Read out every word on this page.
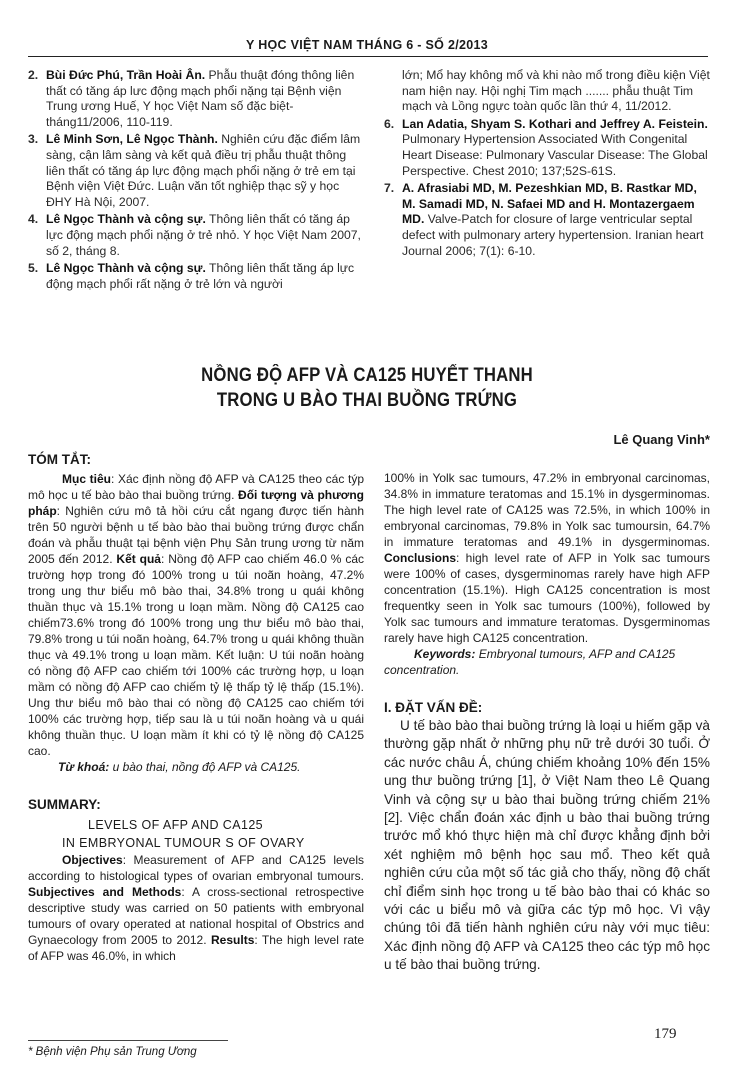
Y HỌC VIỆT NAM THÁNG 6 - SỐ 2/2013
2. Bùi Đức Phú, Trần Hoài Ân. Phẫu thuật đóng thông liên thất có tăng áp lưc động mạch phổi nặng tại Bệnh viện Trung ương Huế, Y học Việt Nam số đặc biệt-tháng11/2006, 110-119.
3. Lê Minh Sơn, Lê Ngọc Thành. Nghiên cứu đặc điểm lâm sàng, cận lâm sàng và kết quả điều trị phẫu thuật thông liên thất có tăng áp lực động mạch phổi nặng ở trẻ em tại Bệnh viện Việt Đức. Luận văn tốt nghiệp thạc sỹ y học ĐHY Hà Nội, 2007.
4. Lê Ngọc Thành và cộng sự. Thông liên thất có tăng áp lực động mạch phổi nặng ở trẻ nhỏ. Y học Việt Nam 2007, số 2, tháng 8.
5. Lê Ngọc Thành và cộng sự. Thông liên thất tăng áp lực động mạch phổi rất nặng ở trẻ lớn và người
lớn; Mổ hay không mổ và khi nào mổ trong điều kiện Việt nam hiện nay. Hội nghị Tim mạch ....... phẫu thuật Tim mạch và Lồng ngực toàn quốc lần thứ 4, 11/2012.
6. Lan Adatia, Shyam S. Kothari and Jeffrey A. Feistein. Pulmonary Hypertension Associated With Congenital Heart Disease: Pulmonary Vascular Disease: The Global Perspective. Chest 2010; 137;52S-61S.
7. A. Afrasiabi MD, M. Pezeshkian MD, B. Rastkar MD, M. Samadi MD, N. Safaei MD and H. Montazergaem MD. Valve-Patch for closure of large ventricular septal defect with pulmonary artery hypertension. Iranian heart Journal 2006; 7(1): 6-10.
NỒNG ĐỘ AFP VÀ CA125 HUYẾT THANH
TRONG U BÀO THAI BUỒNG TRỨNG
Lê Quang Vinh*

TÓM TẮT:

Mục tiêu: Xác định nồng độ AFP và CA125 theo các týp mô học u tế bào bào thai buồng trứng. Đối tượng và phương pháp: Nghiên cứu mô tả hồi cứu cắt ngang được tiến hành trên 50 người bệnh u tế bào bào thai buồng trứng được chẩn đoán và phẫu thuật tại bệnh viện Phụ Sản trung ương từ năm 2005 đến 2012. Kết quả: Nồng độ AFP cao chiếm 46.0 % các trường hợp trong đó 100% trong u túi noãn hoàng, 47.2% trong ung thư biểu mô bào thai, 34.8% trong u quái không thuần thục và 15.1% trong u loạn mầm. Nồng độ CA125 cao chiếm73.6% trong đó 100% trong ung thư biểu mô bào thai, 79.8% trong u túi noãn hoàng, 64.7% trong u quái không thuần thục và 49.1% trong u loạn mầm. Kết luận: U túi noãn hoàng có nồng độ AFP cao chiếm tới 100% các trường hợp, u loạn mầm có nồng độ AFP cao chiếm tỷ lệ thấp tỷ lệ thấp (15.1%). Ung thư biểu mô bào thai có nồng độ CA125 cao chiếm tới 100% các trường hợp, tiếp sau là u túi noãn hoàng và u quái không thuần thục. U loạn mầm ít khi có tỷ lệ nồng độ CA125 cao.

Từ khoá: u bào thai, nồng độ AFP và CA125.

SUMMARY:

LEVELS OF AFP AND CA125

IN EMBRYONAL TUMOUR S OF OVARY

Objectives: Measurement of AFP and CA125 levels according to histological types of ovarian embryonal tumours. Subjectives and Methods: A cross-sectional retrospective descriptive study was carried on 50 patients with embryonal tumours of ovary operated at national hospital of Obstrics and Gynaecology from 2005 to 2012. Results: The high level rate of AFP was 46.0%, in which

100% in Yolk sac tumours, 47.2% in embryonal carcinomas, 34.8% in immature teratomas and 15.1% in dysgerminomas. The high level rate of CA125 was 72.5%, in which 100% in embryonal carcinomas, 79.8% in Yolk sac tumoursin, 64.7% in immature teratomas and 49.1% in dysgerminomas. Conclusions: high level rate of AFP in Yolk sac tumours were 100% of cases, dysgerminomas rarely have high AFP concentration (15.1%). High CA125 concentration is most frequentky seen in Yolk sac tumours (100%), followed by Yolk sac tumours and immature teratomas. Dysgerminomas rarely have high CA125 concentration.

Keywords: Embryonal tumours, AFP and CA125 concentration.

I. ĐẶT VẤN ĐỀ:

U tế bào bào thai buồng trứng là loại u hiếm gặp và thường gặp nhất ở những phụ nữ trẻ dưới 30 tuổi. Ở các nước châu Á, chúng chiếm khoảng 10% đến 15% ung thư buồng trứng [1], ở Việt Nam theo Lê Quang Vinh và cộng sự u bào thai buồng trứng chiếm 21% [2]. Việc chẩn đoán xác định u bào thai buồng trứng trước mổ khó thực hiện mà chỉ được khẳng định bởi xét nghiệm mô bệnh học sau mổ. Theo kết quả nghiên cứu của một số tác giả cho thấy, nồng độ chất chỉ điểm sinh học trong u tế bào bào thai có khác so với các u biểu mô và giữa các týp mô học. Vì vậy chúng tôi đã tiến hành nghiên cứu này với mục tiêu: Xác định nồng độ AFP và CA125 theo các týp mô học u tế bào thai buồng trứng.

179
* Bệnh viện Phụ sản Trung Ương
